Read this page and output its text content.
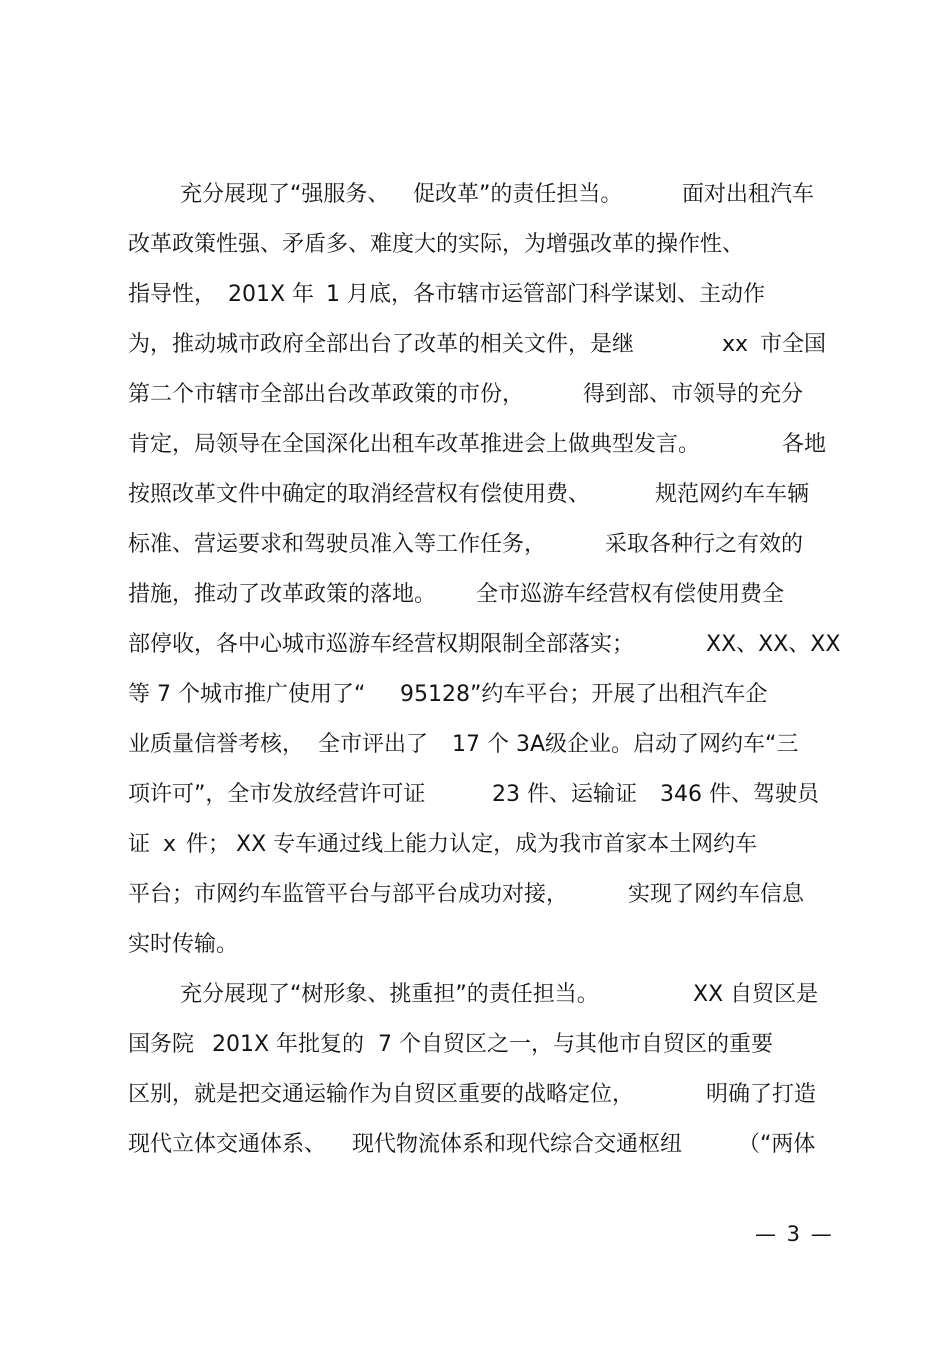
充分展现了“强服务、 促改革”的责任担当。	面对出租汽车
改革政策性强、矛盾多、难度大的实际，为增强改革的操作性、
指导性， 201X 年 1 月底，各市辖市运管部门科学谋划、主动作
为，推动城市政府全部出台了改革的相关文件，是继	xx 市全国
第二个市辖市全部出台改革政策的市份，	得到部、市领导的充分
肯定，局领导在全国深化出租车改革推进会上做典型发言。	各地
按照改革文件中确定的取消经营权有偿使用费、	规范网约车车辆
标准、营运要求和驾驶员准入等工作任务，	采取各种行之有效的
措施，推动了改革政策的落地。 全市巡游车经营权有偿使用费全
部停收，各中心城市巡游车经营权期限制全部落实；	XX、XX、XX
等 7 个城市推广使用了“ 95128”约车平台；开展了出租汽车企
业质量信誉考核， 全市评出了 17 个 3A级企业。启动了网约车“三
项许可”，全市发放经营许可证	23 件、运输证 346 件、驾驶员
证 x 件； XX 专车通过线上能力认定，成为我市首家本土网约车
平台；市网约车监管平台与部平台成功对接，	实现了网约车信息
实时传输。
充分展现了“树形象、挑重担”的责任担当。	XX 自贸区是
国务院 201X 年批复的 7 个自贸区之一，与其他市自贸区的重要
区别，就是把交通运输作为自贸区重要的战略定位，	明确了打造
现代立体交通体系、 现代物流体系和现代综合交通枢纽	（“两体
— 3 —
